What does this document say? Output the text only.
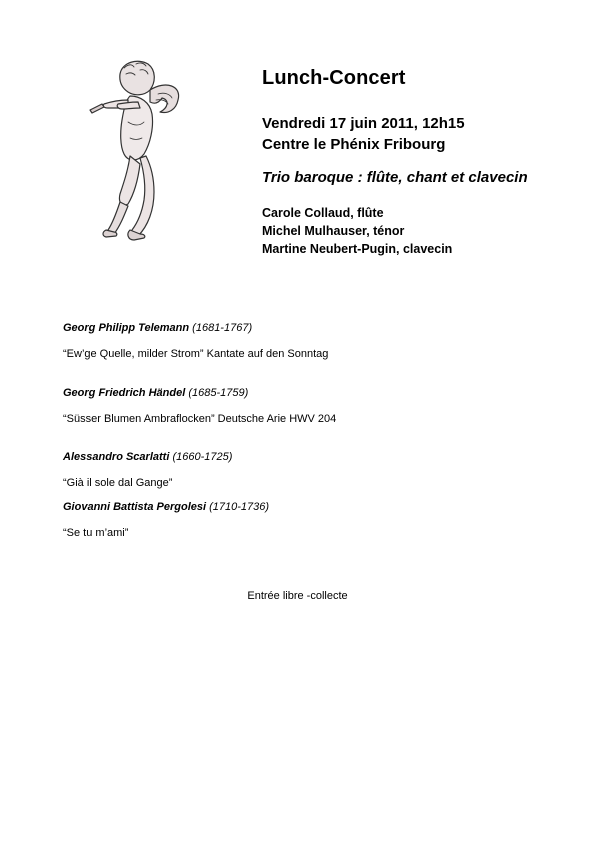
Lunch-Concert
Vendredi 17 juin 2011, 12h15
Centre le Phénix Fribourg
Trio baroque : flûte, chant et clavecin
Carole Collaud, flûte
Michel Mulhauser, ténor
Martine Neubert-Pugin, clavecin
Georg Philipp Telemann (1681-1767)
“Ew’ge Quelle, milder Strom” Kantate auf den Sonntag
Georg Friedrich Händel (1685-1759)
“Süsser Blumen Ambraflocken” Deutsche Arie HWV 204
Alessandro Scarlatti (1660-1725)
“Già il sole dal Gange”
Giovanni Battista Pergolesi (1710-1736)
“Se tu m’ami”
Entrée libre -collecte
